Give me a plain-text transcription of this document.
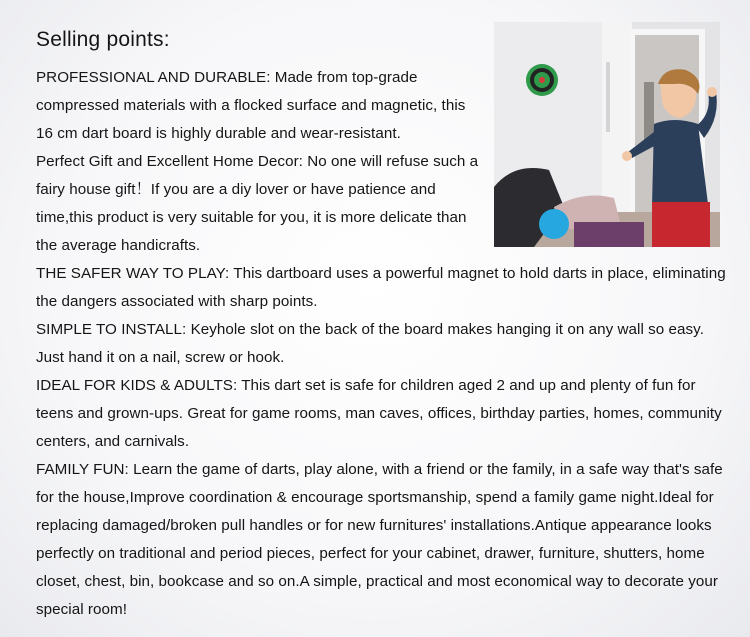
Selling points:

PROFESSIONAL AND DURABLE: Made from top-grade compressed materials with a flocked surface and magnetic, this 16 cm dart board is highly durable and wear-resistant.

Perfect Gift and Excellent Home Decor: No one will refuse such a fairy house gift！If you are a diy lover or have patience and time,this product is very suitable for you, it is more delicate than the average handicrafts.

THE SAFER WAY TO PLAY: This dartboard uses a powerful magnet to hold darts in place, eliminating the dangers associated with sharp points.

SIMPLE TO INSTALL: Keyhole slot on the back of the board makes hanging it on any wall so easy. Just hand it on a nail, screw or hook.

IDEAL FOR KIDS & ADULTS: This dart set is safe for children aged 2 and up and plenty of fun for teens and grown-ups. Great for game rooms, man caves, offices, birthday parties, homes, community centers, and carnivals.

FAMILY FUN: Learn the game of darts, play alone, with a friend or the family, in a safe way that's safe for the house,Improve coordination & encourage sportsmanship, spend a family game night.Ideal for replacing damaged/broken pull handles or for new furnitures' installations.Antique appearance looks perfectly on traditional and period pieces, perfect for your cabinet, drawer, furniture, shutters, home closet, chest, bin, bookcase and so on.A simple, practical and most economical way to decorate your special room!
